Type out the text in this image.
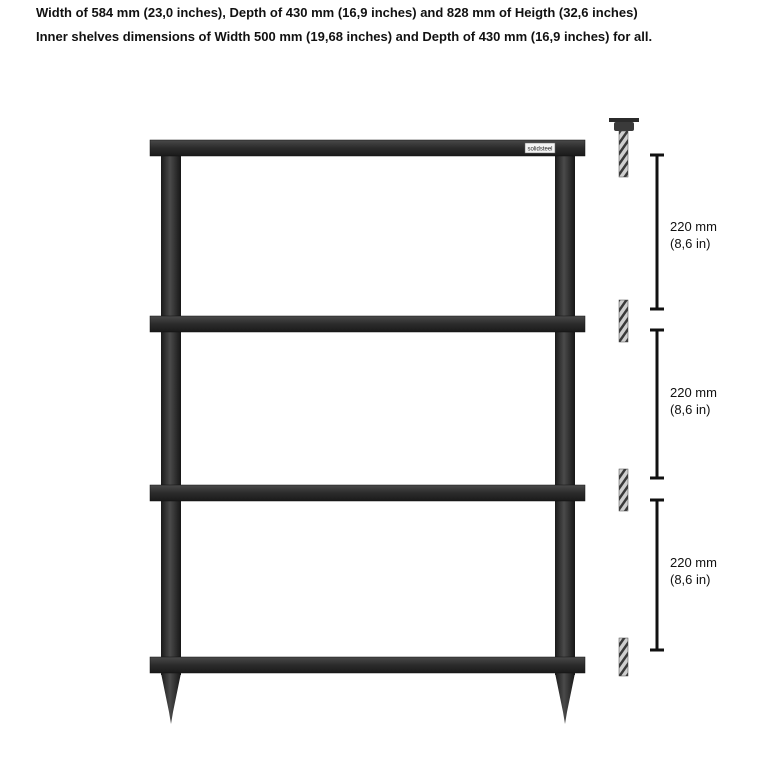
Width of 584 mm (23,0 inches), Depth of 430 mm (16,9 inches) and 828 mm of Heigth (32,6 inches)
Inner shelves dimensions of Width 500 mm (19,68 inches) and Depth of 430 mm (16,9 inches) for all.
solidsteel
220 mm
(8,6 in)
220 mm
(8,6 in)
220 mm
(8,6 in)
